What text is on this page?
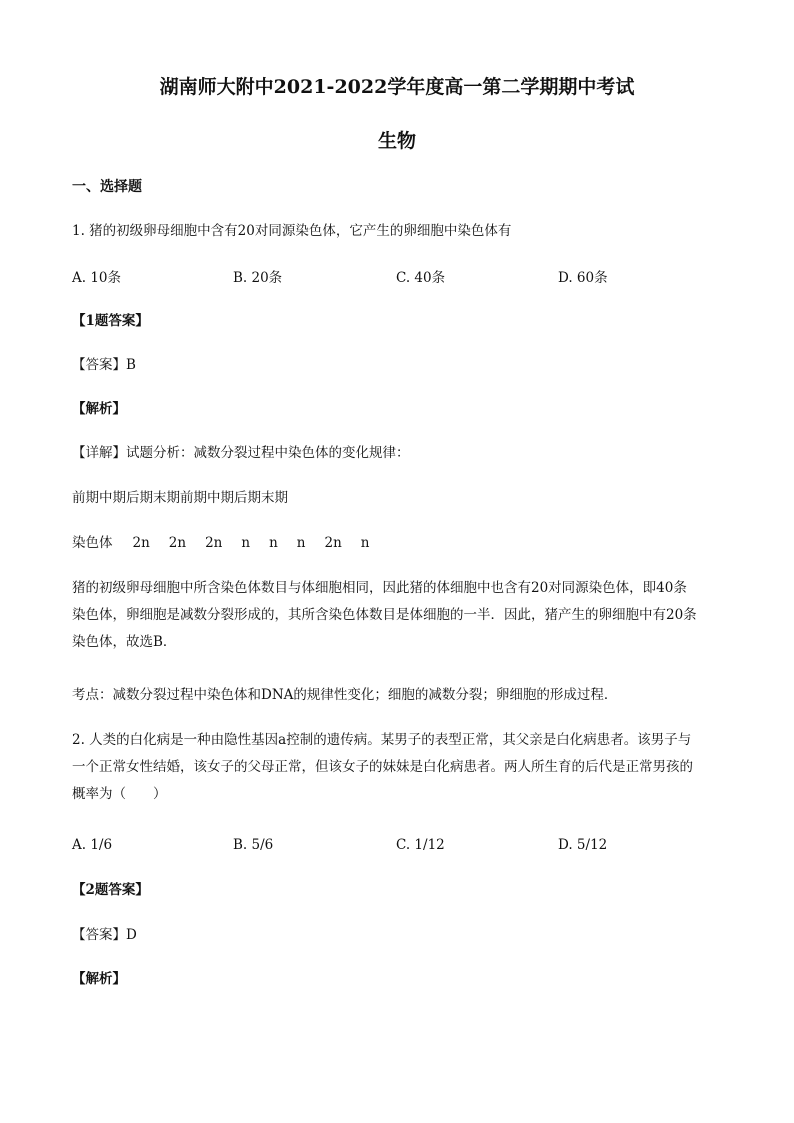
湖南师大附中2021-2022学年度高一第二学期期中考试
生物
一、选择题
1. 猪的初级卵母细胞中含有20对同源染色体，它产生的卵细胞中染色体有
A. 10条	B. 20条	C. 40条	D. 60条
【1题答案】
【答案】B
【解析】
【详解】试题分析：减数分裂过程中染色体的变化规律：
前期中期后期末期前期中期后期末期
染色体 2n 2n 2n n n n 2n n
猪的初级卵母细胞中所含染色体数目与体细胞相同，因此猪的体细胞中也含有20对同源染色体，即40条
染色体，卵细胞是减数分裂形成的，其所含染色体数目是体细胞的一半．因此，猪产生的卵细胞中有20条
染色体，故选B．
考点：减数分裂过程中染色体和DNA的规律性变化；细胞的减数分裂；卵细胞的形成过程．
2. 人类的白化病是一种由隐性基因a控制的遗传病。某男子的表型正常，其父亲是白化病患者。该男子与
一个正常女性结婚，该女子的父母正常，但该女子的妹妹是白化病患者。两人所生育的后代是正常男孩的
概率为（　　）
A. 1/6	B. 5/6	C. 1/12	D. 5/12
【2题答案】
【答案】D
【解析】
